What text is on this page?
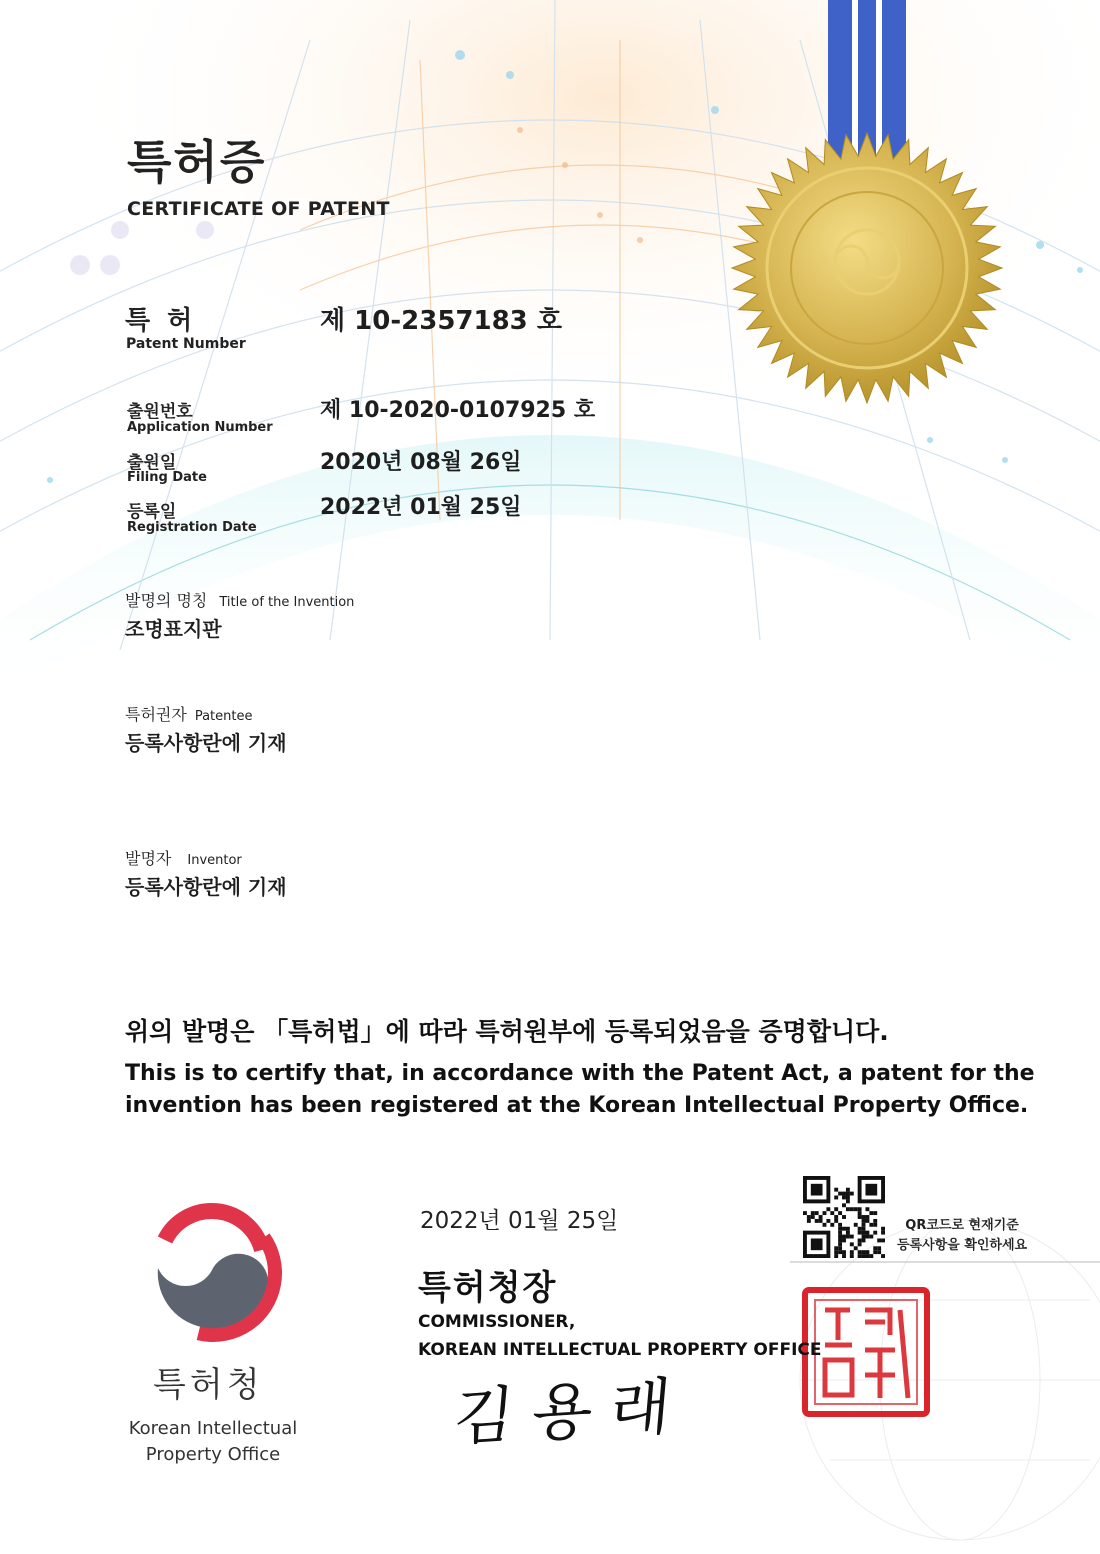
특허증
CERTIFICATE OF PATENT
특 허
Patent Number
제 10-2357183 호
출원번호
Application Number
제 10-2020-0107925 호
출원일
Filing Date
2020년 08월 26일
등록일
Registration Date
2022년 01월 25일
발명의 명칭 Title of the Invention
조명표지판
특허권자 Patentee
등록사항란에 기재
발명자 Inventor
등록사항란에 기재
위의 발명은 「특허법」에 따라 특허원부에 등록되었음을 증명합니다.
This is to certify that, in accordance with the Patent Act, a patent for the
invention has been registered at the Korean Intellectual Property Office.
2022년 01월 25일	QR코드로 현재기준
등록사항을 확인하세요
특허청장
COMMISSIONER,
KOREAN INTELLECTUAL PROPERTY OFFICE
김용래
특허청
Korean Intellectual
Property Office
